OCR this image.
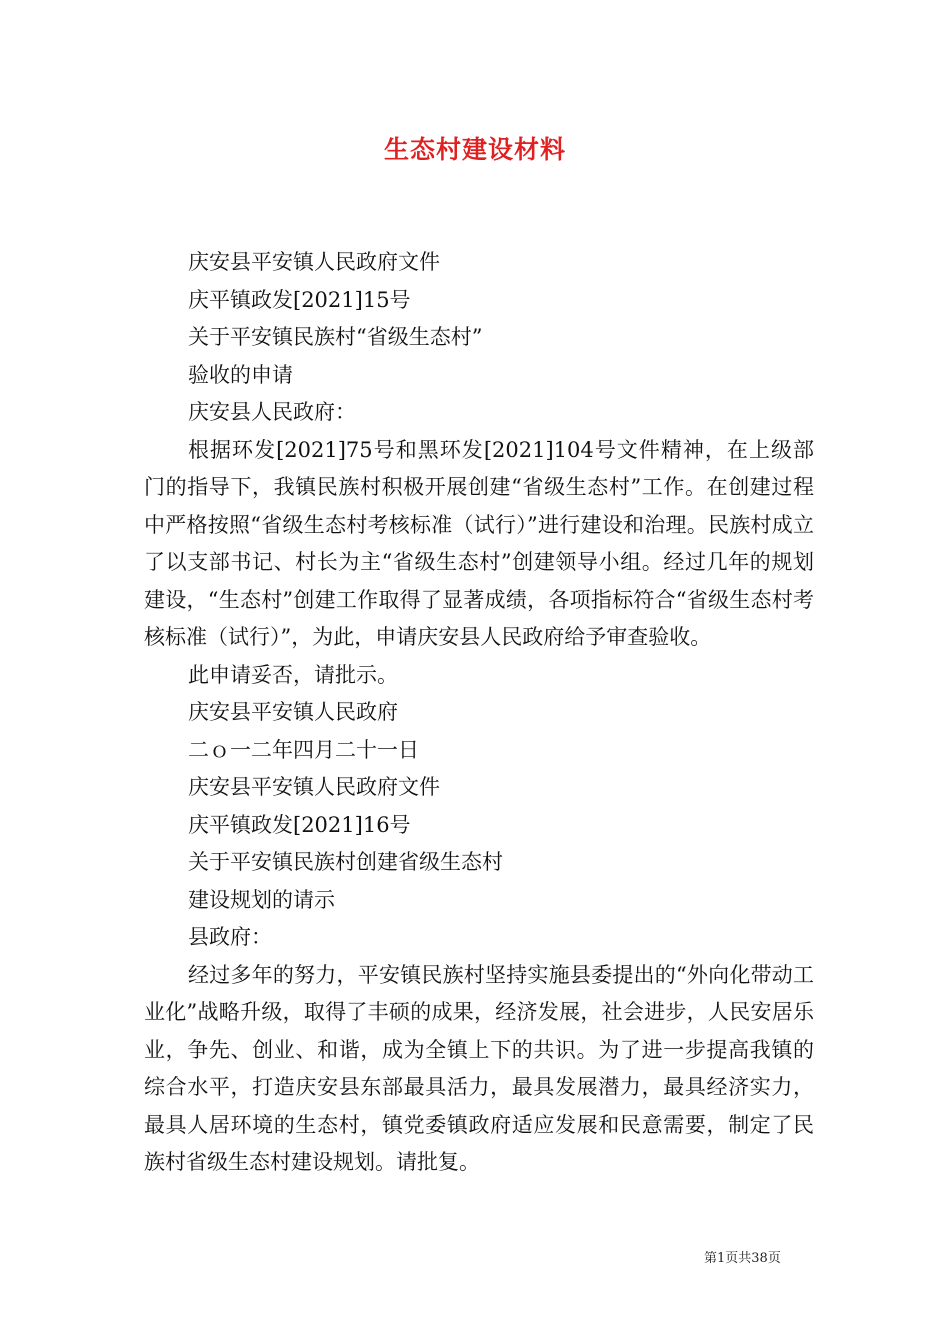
生态村建设材料
庆安县平安镇人民政府文件
庆平镇政发[2021]15号
关于平安镇民族村“省级生态村”
验收的申请
庆安县人民政府：
根据环发[2021]75号和黑环发[2021]104号文件精神，在上级部门的指导下，我镇民族村积极开展创建“省级生态村”工作。在创建过程中严格按照“省级生态村考核标准（试行）”进行建设和治理。民族村成立了以支部书记、村长为主“省级生态村”创建领导小组。经过几年的规划建设，“生态村”创建工作取得了显著成绩，各项指标符合“省级生态村考核标准（试行）”，为此，申请庆安县人民政府给予审查验收。
此申请妥否，请批示。
庆安县平安镇人民政府
二ｏ一二年四月二十一日
庆安县平安镇人民政府文件
庆平镇政发[2021]16号
关于平安镇民族村创建省级生态村
建设规划的请示
县政府：
经过多年的努力，平安镇民族村坚持实施县委提出的“外向化带动工业化”战略升级，取得了丰硕的成果，经济发展，社会进步，人民安居乐业，争先、创业、和谐，成为全镇上下的共识。为了进一步提高我镇的综合水平，打造庆安县东部最具活力，最具发展潜力，最具经济实力，最具人居环境的生态村，镇党委镇政府适应发展和民意需要，制定了民族村省级生态村建设规划。请批复。
第1页共38页
